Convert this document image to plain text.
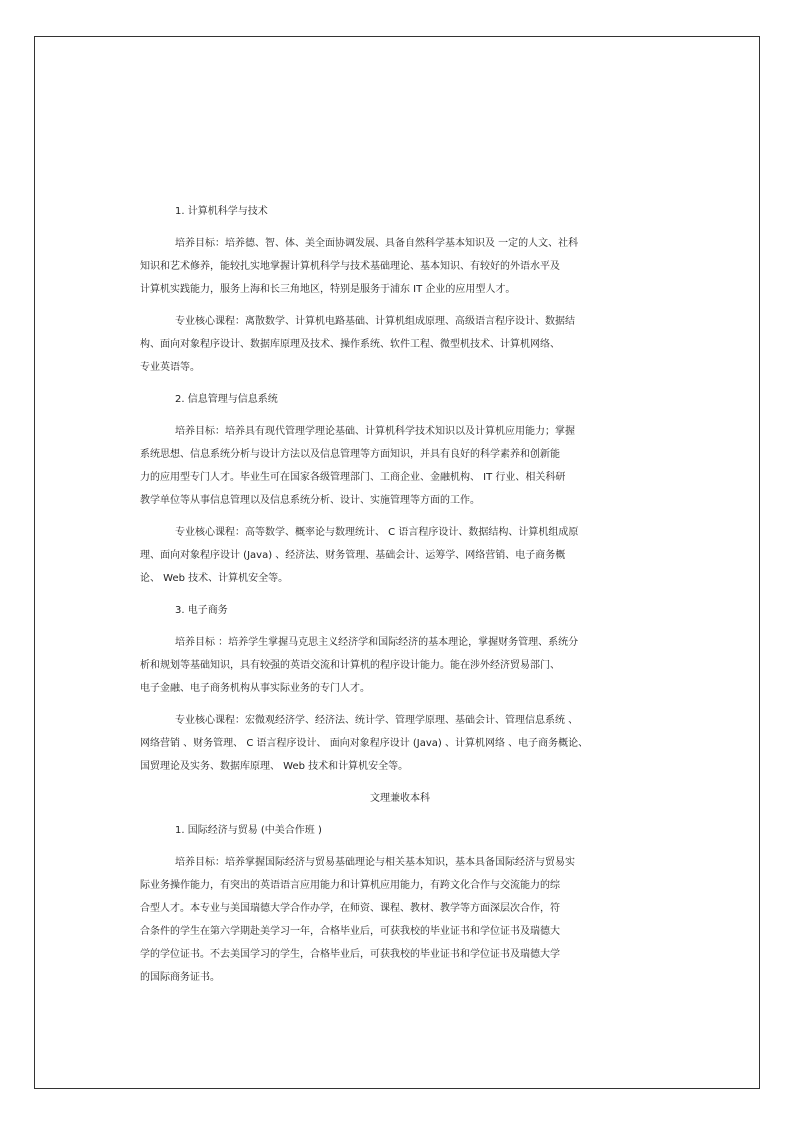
1. 计算机科学与技术

培养目标：培养德、智、体、美全面协调发展、具备自然科学基本知识及 一定的人文、社科
知识和艺术修养，能较扎实地掌握计算机科学与技术基础理论、基本知识、有较好的外语水平及
计算机实践能力，服务上海和长三角地区，特别是服务于浦东 IT 企业的应用型人才。
专业核心课程：离散数学、计算机电路基础、计算机组成原理、高级语言程序设计、数据结
构、面向对象程序设计、数据库原理及技术、操作系统、软件工程、微型机技术、计算机网络、
专业英语等。

2. 信息管理与信息系统

培养目标：培养具有现代管理学理论基础、计算机科学技术知识以及计算机应用能力；掌握
系统思想、信息系统分析与设计方法以及信息管理等方面知识，并具有良好的科学素养和创新能
力的应用型专门人才。毕业生可在国家各级管理部门、工商企业、金融机构、 IT 行业、相关科研
教学单位等从事信息管理以及信息系统分析、设计、实施管理等方面的工作。
专业核心课程：高等数学、概率论与数理统计、 C 语言程序设计、数据结构、计算机组成原
理、面向对象程序设计 (Java) 、经济法、财务管理、基础会计、运筹学、网络营销、电子商务概
论、 Web 技术、计算机安全等。

3. 电子商务

培养目标 ：培养学生掌握马克思主义经济学和国际经济的基本理论，掌握财务管理、系统分
析和规划等基础知识，具有较强的英语交流和计算机的程序设计能力。能在涉外经济贸易部门、
电子金融、电子商务机构从事实际业务的专门人才。
专业核心课程：宏微观经济学、经济法、统计学、管理学原理、基础会计、管理信息系统 、
网络营销 、财务管理、 C 语言程序设计、 面向对象程序设计 (Java) 、计算机网络 、电子商务概论、
国贸理论及实务、数据库原理、 Web 技术和计算机安全等。

文理兼收本科

1. 国际经济与贸易 (中美合作班 )

培养目标：培养掌握国际经济与贸易基础理论与相关基本知识，基本具备国际经济与贸易实
际业务操作能力，有突出的英语语言应用能力和计算机应用能力，有跨文化合作与交流能力的综
合型人才。本专业与美国瑞德大学合作办学，在师资、课程、教材、教学等方面深层次合作，符
合条件的学生在第六学期赴美学习一年，合格毕业后，可获我校的毕业证书和学位证书及瑞德大
学的学位证书。不去美国学习的学生，合格毕业后，可获我校的毕业证书和学位证书及瑞德大学
的国际商务证书。
